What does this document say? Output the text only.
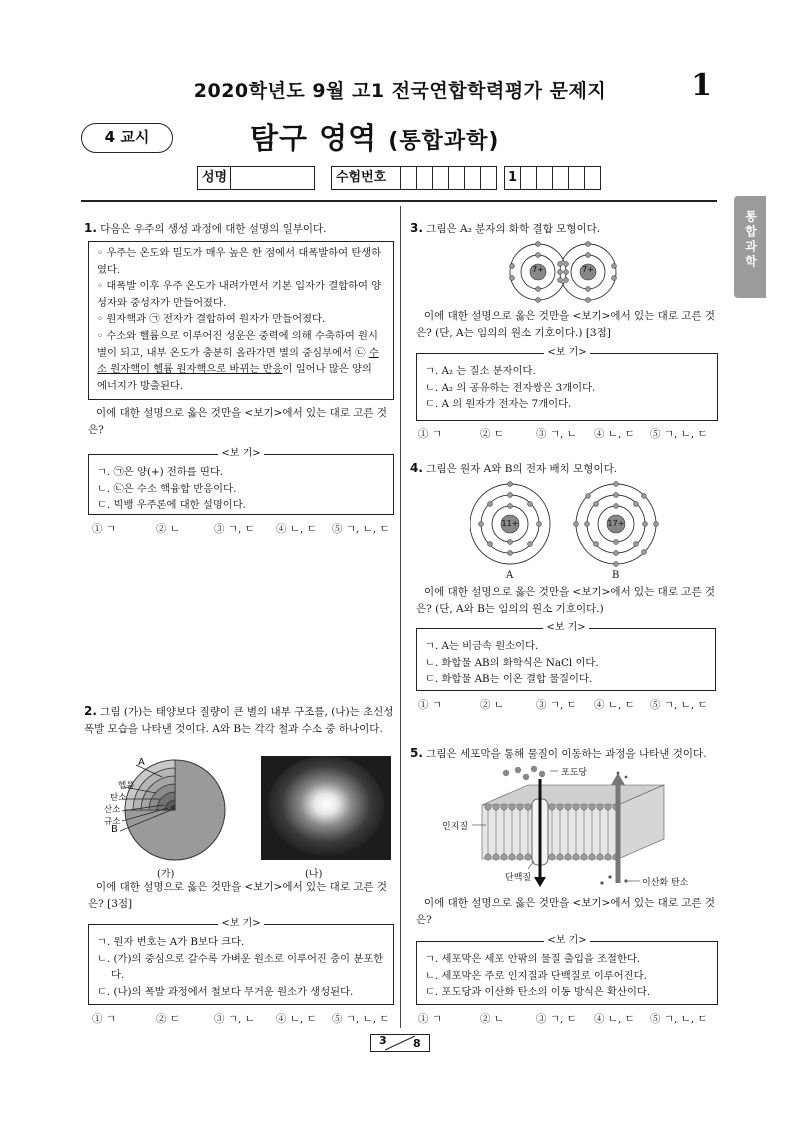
2020학년도 9월 고1 전국연합학력평가 문제지	1
4 교시	탐구 영역 (통합과학)
성명	수험번호	1
통합과학
1. 다음은 우주의 생성 과정에 대한 설명의 일부이다.
◦ 우주는 온도와 밀도가 매우 높은 한 점에서 대폭발하여 탄생하였다.
◦ 대폭발 이후 우주 온도가 내려가면서 기본 입자가 결합하여 양성자와 중성자가 만들어졌다.
◦ 원자핵과 ㉠ 전자가 결합하여 원자가 만들어졌다.
◦ 수소와 헬륨으로 이루어진 성운은 중력에 의해 수축하여 원시별이 되고, 내부 온도가 충분히 올라가면 별의 중심부에서 ㉡ 수소 원자핵이 헬륨 원자핵으로 바뀌는 반응이 일어나 많은 양의 에너지가 방출된다.
이에 대한 설명으로 옳은 것만을 <보기>에서 있는 대로 고른 것은?
<보 기>
ㄱ. ㉠은 양(+) 전하를 띤다.
ㄴ. ㉡은 수소 핵융합 반응이다.
ㄷ. 빅뱅 우주론에 대한 설명이다.
① ㄱ	② ㄴ	③ ㄱ, ㄷ	④ ㄴ, ㄷ	⑤ ㄱ, ㄴ, ㄷ
2. 그림 (가)는 태양보다 질량이 큰 별의 내부 구조를, (나)는 초신성 폭발 모습을 나타낸 것이다. A와 B는 각각 철과 수소 중 하나이다.
A
헬륨
탄소
산소
규소
B
(가)	(나)
이에 대한 설명으로 옳은 것만을 <보기>에서 있는 대로 고른 것은? [3점]
<보 기>
ㄱ. 원자 번호는 A가 B보다 크다.
ㄴ. (가)의 중심으로 갈수록 가벼운 원소로 이루어진 층이 분포한다.
ㄷ. (나)의 폭발 과정에서 철보다 무거운 원소가 생성된다.
① ㄱ	② ㄷ	③ ㄱ, ㄴ	④ ㄴ, ㄷ	⑤ ㄱ, ㄴ, ㄷ
3. 그림은 A₂ 분자의 화학 결합 모형이다.
7+	7+
이에 대한 설명으로 옳은 것만을 <보기>에서 있는 대로 고른 것은? (단, A는 임의의 원소 기호이다.) [3점]
<보 기>
ㄱ. A₂ 는 질소 분자이다.
ㄴ. A₂ 의 공유하는 전자쌍은 3개이다.
ㄷ. A 의 원자가 전자는 7개이다.
① ㄱ	② ㄷ	③ ㄱ, ㄴ	④ ㄴ, ㄷ	⑤ ㄱ, ㄴ, ㄷ
4. 그림은 원자 A와 B의 전자 배치 모형이다.
11+	17+
A	B
이에 대한 설명으로 옳은 것만을 <보기>에서 있는 대로 고른 것은? (단, A와 B는 임의의 원소 기호이다.)
<보 기>
ㄱ. A는 비금속 원소이다.
ㄴ. 화합물 AB의 화학식은 NaCl 이다.
ㄷ. 화합물 AB는 이온 결합 물질이다.
① ㄱ	② ㄴ	③ ㄱ, ㄷ	④ ㄴ, ㄷ	⑤ ㄱ, ㄴ, ㄷ
5. 그림은 세포막을 통해 물질이 이동하는 과정을 나타낸 것이다.
포도당
인지질
단백질	이산화 탄소
이에 대한 설명으로 옳은 것만을 <보기>에서 있는 대로 고른 것은?
<보 기>
ㄱ. 세포막은 세포 안팎의 물질 출입을 조절한다.
ㄴ. 세포막은 주로 인지질과 단백질로 이루어진다.
ㄷ. 포도당과 이산화 탄소의 이동 방식은 확산이다.
① ㄱ	② ㄴ	③ ㄱ, ㄷ	④ ㄴ, ㄷ	⑤ ㄱ, ㄴ, ㄷ
3 8
